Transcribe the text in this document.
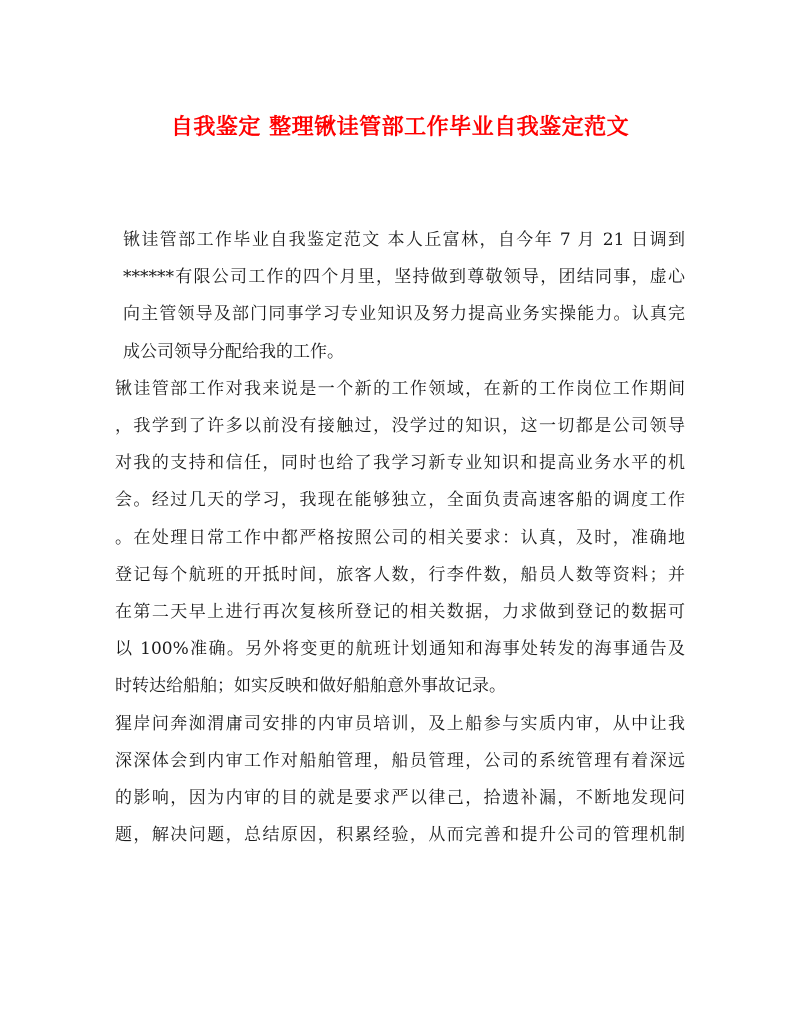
自我鉴定 整理锹诖管部工作毕业自我鉴定范文

锹诖管部工作毕业自我鉴定范文 本人丘富林，自今年 7 月 21 日调到
******有限公司工作的四个月里，坚持做到尊敬领导，团结同事，虚心
向主管领导及部门同事学习专业知识及努力提高业务实操能力。认真完
成公司领导分配给我的工作。

锹诖管部工作对我来说是一个新的工作领域，在新的工作岗位工作期间
，我学到了许多以前没有接触过，没学过的知识，这一切都是公司领导
对我的支持和信任，同时也给了我学习新专业知识和提高业务水平的机
会。经过几天的学习，我现在能够独立，全面负责高速客船的调度工作
。在处理日常工作中都严格按照公司的相关要求：认真，及时，准确地
登记每个航班的开抵时间，旅客人数，行李件数，船员人数等资料；并
在第二天早上进行再次复核所登记的相关数据，力求做到登记的数据可
以 100%准确。另外将变更的航班计划通知和海事处转发的海事通告及
时转达给船舶；如实反映和做好船舶意外事故记录。

猩岸问奔洳渭庸司安排的内审员培训，及上船参与实质内审，从中让我
深深体会到内审工作对船舶管理，船员管理，公司的系统管理有着深远
的影响，因为内审的目的就是要求严以律己，拾遗补漏，不断地发现问
题，解决问题，总结原因，积累经验，从而完善和提升公司的管理机制
